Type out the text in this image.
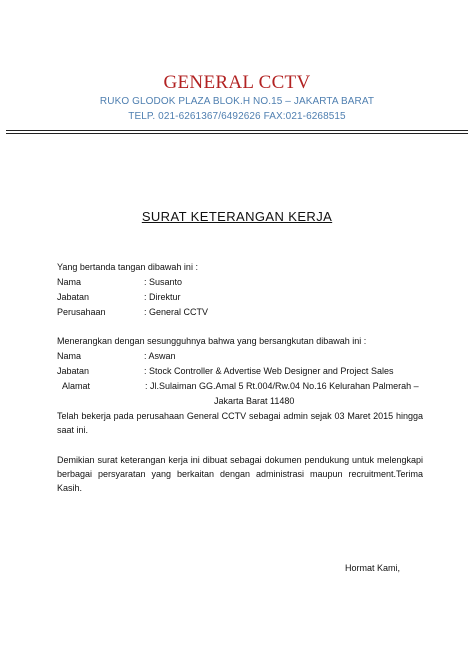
GENERAL CCTV
RUKO GLODOK PLAZA BLOK.H NO.15 – JAKARTA BARAT
TELP. 021-6261367/6492626 FAX:021-6268515
SURAT KETERANGAN KERJA
Yang bertanda tangan dibawah ini :
Nama	: Susanto
Jabatan	: Direktur
Perusahaan	: General CCTV
Menerangkan dengan sesungguhnya bahwa yang bersangkutan dibawah ini :
Nama	: Aswan
Jabatan	: Stock Controller & Advertise Web Designer and Project Sales
Alamat	: Jl.Sulaiman GG.Amal 5 Rt.004/Rw.04 No.16 Kelurahan Palmerah –
Jakarta Barat 11480
Telah bekerja pada perusahaan General CCTV sebagai admin sejak 03 Maret 2015 hingga saat ini.
Demikian surat keterangan kerja ini dibuat sebagai dokumen pendukung untuk melengkapi berbagai persyaratan yang berkaitan dengan administrasi maupun recruitment.Terima Kasih.
Hormat Kami,
